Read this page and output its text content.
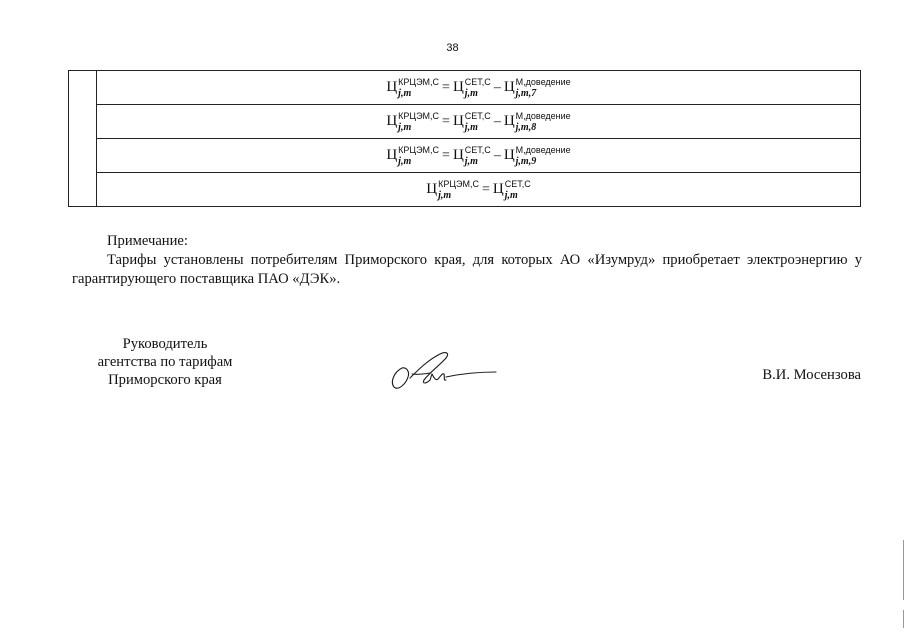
38

Ц КРЦЭМ,С
j,m	= Ц СЕТ,С
j,m	– Ц М,доведение
j,m,7

Ц КРЦЭМ,С
j,m	= Ц СЕТ,С
j,m	– Ц М,доведение
j,m,8

Ц КРЦЭМ,С
j,m	= Ц СЕТ,С
j,m	– Ц М,доведение
j,m,9

Ц КРЦЭМ,С
j,m	= Ц СЕТ,С
j,m

Примечание:

Тарифы установлены потребителям Приморского края, для которых АО «Изумруд» приобретает электроэнергию у гарантирующего поставщика ПАО «ДЭК».

Руководитель
агентства по тарифам
Приморского края	В.И. Мосензова
